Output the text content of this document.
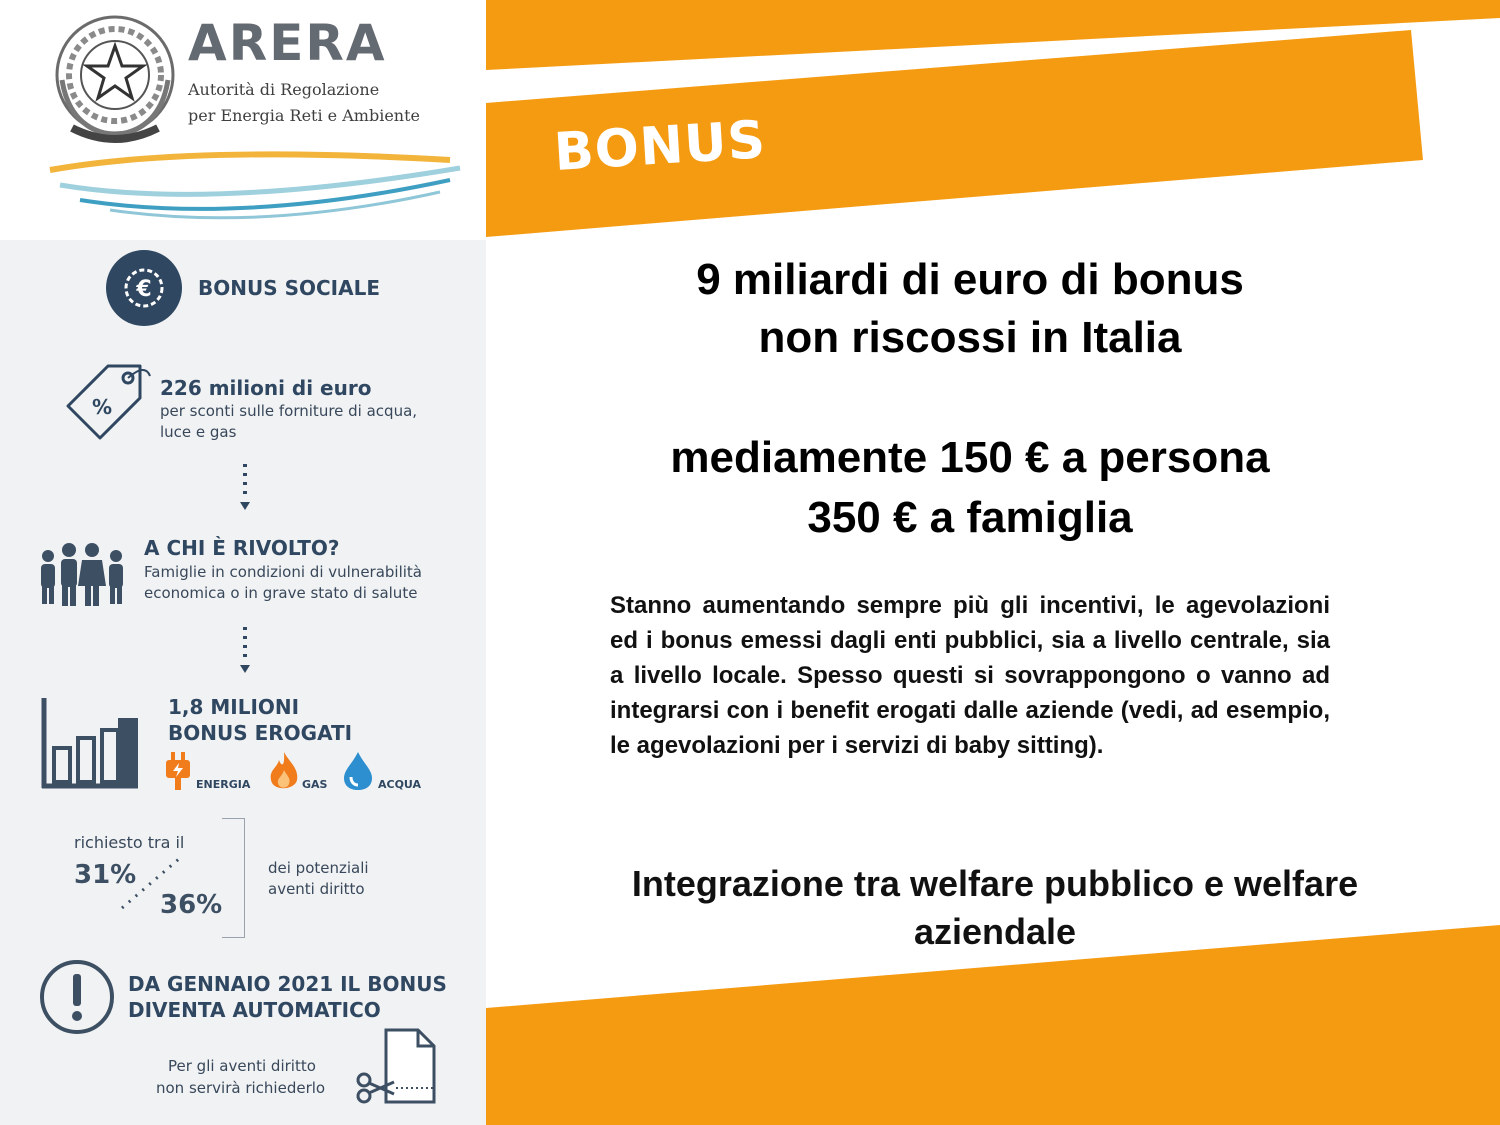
ARERA
Autorità di Regolazione
per Energia Reti e Ambiente
€ BONUS SOCIALE
%
226 milioni di euro
per sconti sulle forniture di acqua,
luce e gas
A CHI È RIVOLTO?
Famiglie in condizioni di vulnerabilità
economica o in grave stato di salute
1,8 MILIONI
BONUS EROGATI
ENERGIA	GAS	ACQUA
richiesto tra il
31%
36%
dei potenziali
aventi diritto
DA GENNAIO 2021 IL BONUS
DIVENTA AUTOMATICO
Per gli aventi diritto
non servirà richiederlo
BONUS
9 miliardi di euro di bonus
non riscossi in Italia
mediamente 150 € a persona
350 € a famiglia
Stanno aumentando sempre più gli incentivi, le agevolazioni ed i bonus emessi dagli enti pubblici, sia a livello centrale, sia a livello locale. Spesso questi si sovrappongono o vanno ad integrarsi con i benefit erogati dalle aziende (vedi, ad esempio, le agevolazioni per i servizi di baby sitting).
Integrazione tra welfare pubblico e welfare aziendale
